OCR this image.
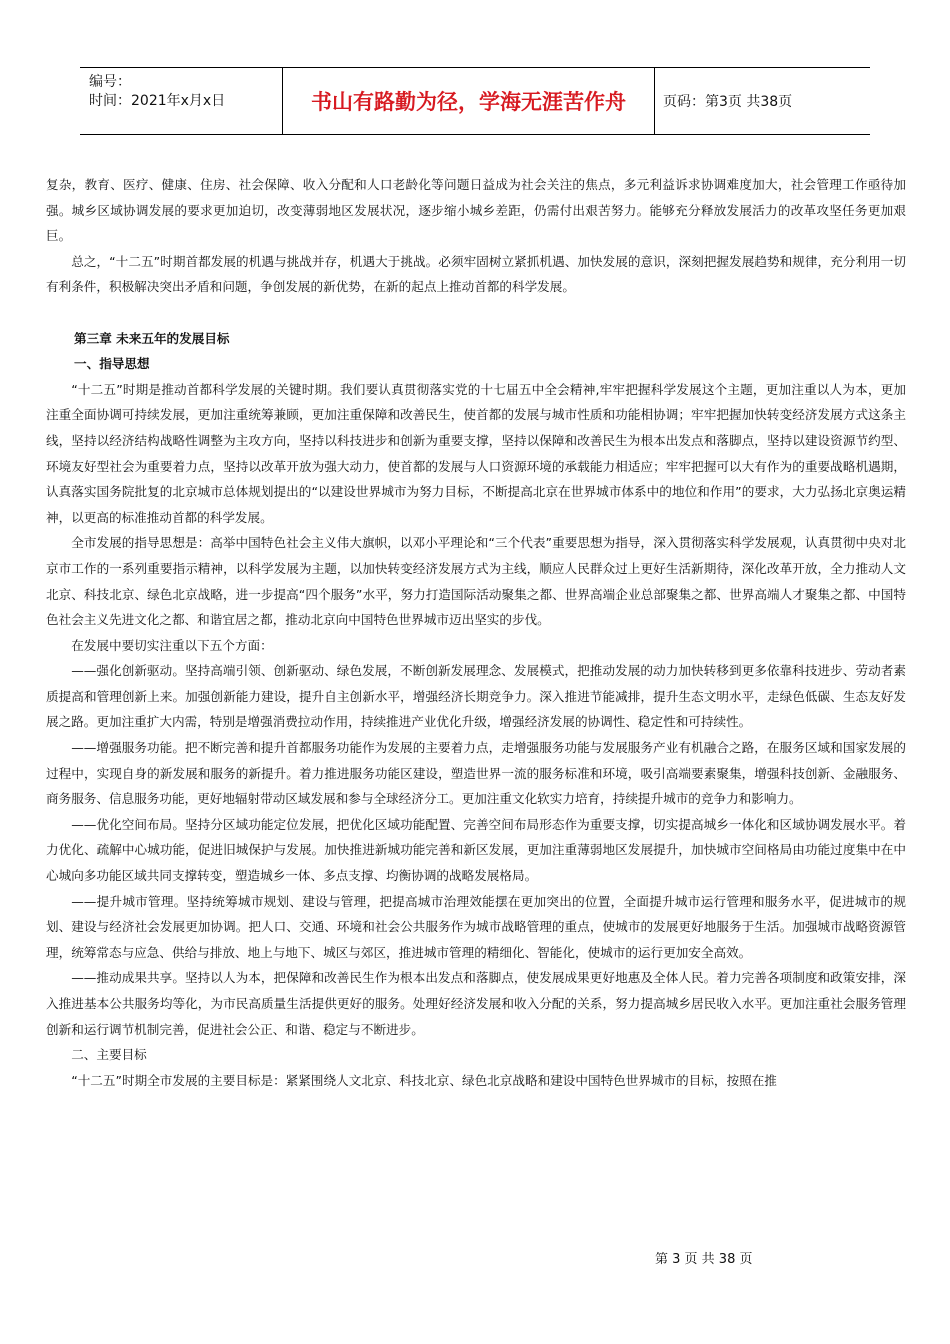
编号：
时间：2021年x月x日	书山有路勤为径，学海无涯苦作舟	页码：第3页 共38页

复杂，教育、医疗、健康、住房、社会保障、收入分配和人口老龄化等问题日益成为社会关注的焦点，多元利益诉求协调难度加大，社会管理工作亟待加强。城乡区域协调发展的要求更加迫切，改变薄弱地区发展状况，逐步缩小城乡差距，仍需付出艰苦努力。能够充分释放发展活力的改革攻坚任务更加艰巨。

总之，“十二五”时期首都发展的机遇与挑战并存，机遇大于挑战。必须牢固树立紧抓机遇、加快发展的意识，深刻把握发展趋势和规律，充分利用一切有利条件，积极解决突出矛盾和问题，争创发展的新优势，在新的起点上推动首都的科学发展。

第三章 未来五年的发展目标

一、指导思想

“十二五”时期是推动首都科学发展的关键时期。我们要认真贯彻落实党的十七届五中全会精神,牢牢把握科学发展这个主题，更加注重以人为本，更加注重全面协调可持续发展，更加注重统筹兼顾，更加注重保障和改善民生，使首都的发展与城市性质和功能相协调；牢牢把握加快转变经济发展方式这条主线，坚持以经济结构战略性调整为主攻方向，坚持以科技进步和创新为重要支撑，坚持以保障和改善民生为根本出发点和落脚点，坚持以建设资源节约型、环境友好型社会为重要着力点，坚持以改革开放为强大动力，使首都的发展与人口资源环境的承载能力相适应；牢牢把握可以大有作为的重要战略机遇期，认真落实国务院批复的北京城市总体规划提出的“以建设世界城市为努力目标，不断提高北京在世界城市体系中的地位和作用”的要求，大力弘扬北京奥运精神，以更高的标准推动首都的科学发展。

全市发展的指导思想是：高举中国特色社会主义伟大旗帜，以邓小平理论和“三个代表”重要思想为指导，深入贯彻落实科学发展观，认真贯彻中央对北京市工作的一系列重要指示精神，以科学发展为主题，以加快转变经济发展方式为主线，顺应人民群众过上更好生活新期待，深化改革开放，全力推动人文北京、科技北京、绿色北京战略，进一步提高“四个服务”水平，努力打造国际活动聚集之都、世界高端企业总部聚集之都、世界高端人才聚集之都、中国特色社会主义先进文化之都、和谐宜居之都，推动北京向中国特色世界城市迈出坚实的步伐。

在发展中要切实注重以下五个方面：

——强化创新驱动。坚持高端引领、创新驱动、绿色发展，不断创新发展理念、发展模式，把推动发展的动力加快转移到更多依靠科技进步、劳动者素质提高和管理创新上来。加强创新能力建设，提升自主创新水平，增强经济长期竞争力。深入推进节能减排，提升生态文明水平，走绿色低碳、生态友好发展之路。更加注重扩大内需，特别是增强消费拉动作用，持续推进产业优化升级，增强经济发展的协调性、稳定性和可持续性。

——增强服务功能。把不断完善和提升首都服务功能作为发展的主要着力点，走增强服务功能与发展服务产业有机融合之路，在服务区域和国家发展的过程中，实现自身的新发展和服务的新提升。着力推进服务功能区建设，塑造世界一流的服务标准和环境，吸引高端要素聚集，增强科技创新、金融服务、商务服务、信息服务功能，更好地辐射带动区域发展和参与全球经济分工。更加注重文化软实力培育，持续提升城市的竞争力和影响力。

——优化空间布局。坚持分区域功能定位发展，把优化区域功能配置、完善空间布局形态作为重要支撑，切实提高城乡一体化和区域协调发展水平。着力优化、疏解中心城功能，促进旧城保护与发展。加快推进新城功能完善和新区发展，更加注重薄弱地区发展提升，加快城市空间格局由功能过度集中在中心城向多功能区域共同支撑转变，塑造城乡一体、多点支撑、均衡协调的战略发展格局。

——提升城市管理。坚持统筹城市规划、建设与管理，把提高城市治理效能摆在更加突出的位置，全面提升城市运行管理和服务水平，促进城市的规划、建设与经济社会发展更加协调。把人口、交通、环境和社会公共服务作为城市战略管理的重点，使城市的发展更好地服务于生活。加强城市战略资源管理，统筹常态与应急、供给与排放、地上与地下、城区与郊区，推进城市管理的精细化、智能化，使城市的运行更加安全高效。

——推动成果共享。坚持以人为本，把保障和改善民生作为根本出发点和落脚点，使发展成果更好地惠及全体人民。着力完善各项制度和政策安排，深入推进基本公共服务均等化，为市民高质量生活提供更好的服务。处理好经济发展和收入分配的关系，努力提高城乡居民收入水平。更加注重社会服务管理创新和运行调节机制完善，促进社会公正、和谐、稳定与不断进步。

二、主要目标

“十二五”时期全市发展的主要目标是：紧紧围绕人文北京、科技北京、绿色北京战略和建设中国特色世界城市的目标，按照在推

第 3 页 共 38 页
